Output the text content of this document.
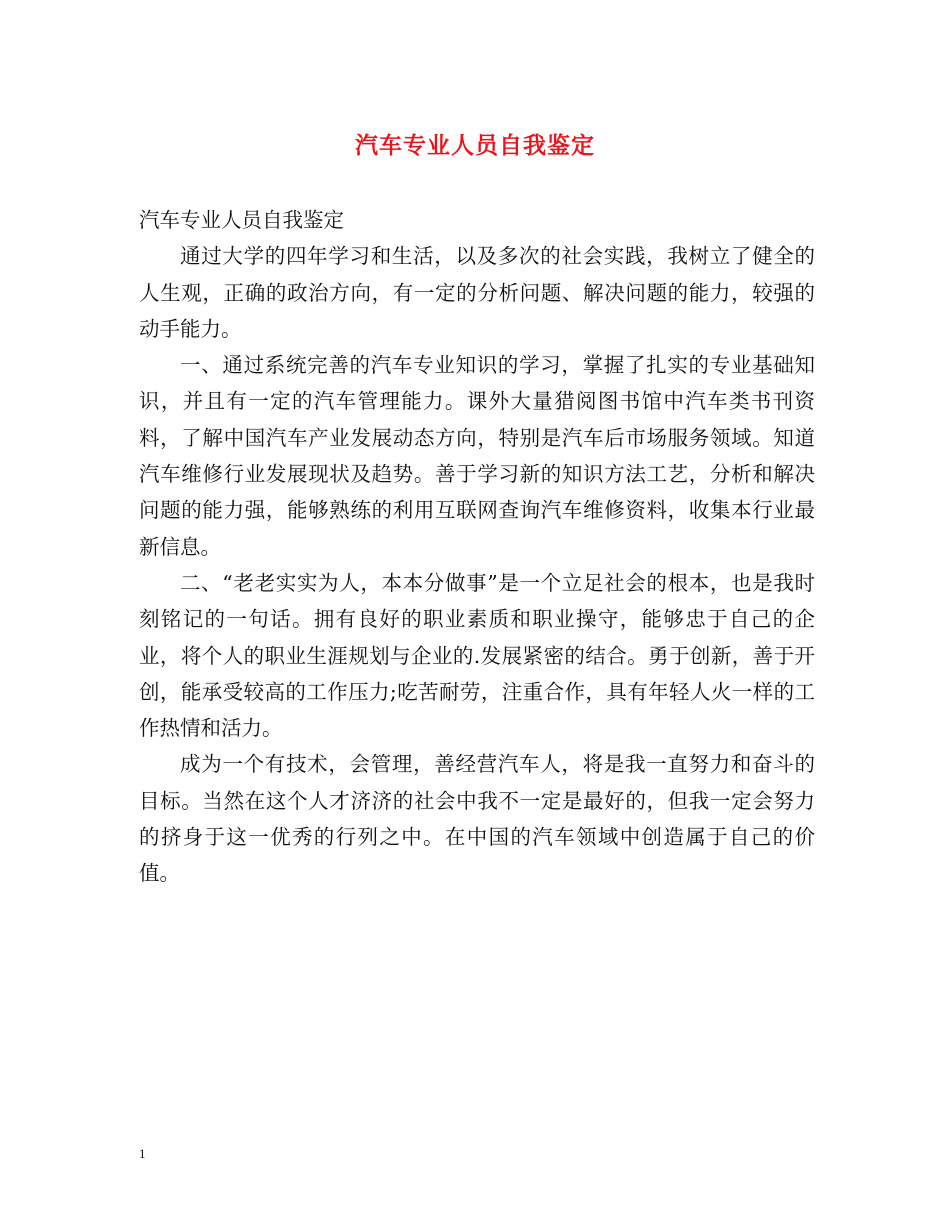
汽车专业人员自我鉴定

汽车专业人员自我鉴定

通过大学的四年学习和生活，以及多次的社会实践，我树立了健全的人生观，正确的政治方向，有一定的分析问题、解决问题的能力，较强的动手能力。

一、通过系统完善的汽车专业知识的学习，掌握了扎实的专业基础知识，并且有一定的汽车管理能力。课外大量猎阅图书馆中汽车类书刊资料，了解中国汽车产业发展动态方向，特别是汽车后市场服务领域。知道汽车维修行业发展现状及趋势。善于学习新的知识方法工艺，分析和解决问题的能力强，能够熟练的利用互联网查询汽车维修资料，收集本行业最新信息。

二、“老老实实为人，本本分做事”是一个立足社会的根本，也是我时刻铭记的一句话。拥有良好的职业素质和职业操守，能够忠于自己的企业，将个人的职业生涯规划与企业的.发展紧密的结合。勇于创新，善于开创，能承受较高的工作压力;吃苦耐劳，注重合作，具有年轻人火一样的工作热情和活力。

成为一个有技术，会管理，善经营汽车人，将是我一直努力和奋斗的目标。当然在这个人才济济的社会中我不一定是最好的，但我一定会努力的挤身于这一优秀的行列之中。在中国的汽车领域中创造属于自己的价值。

1
